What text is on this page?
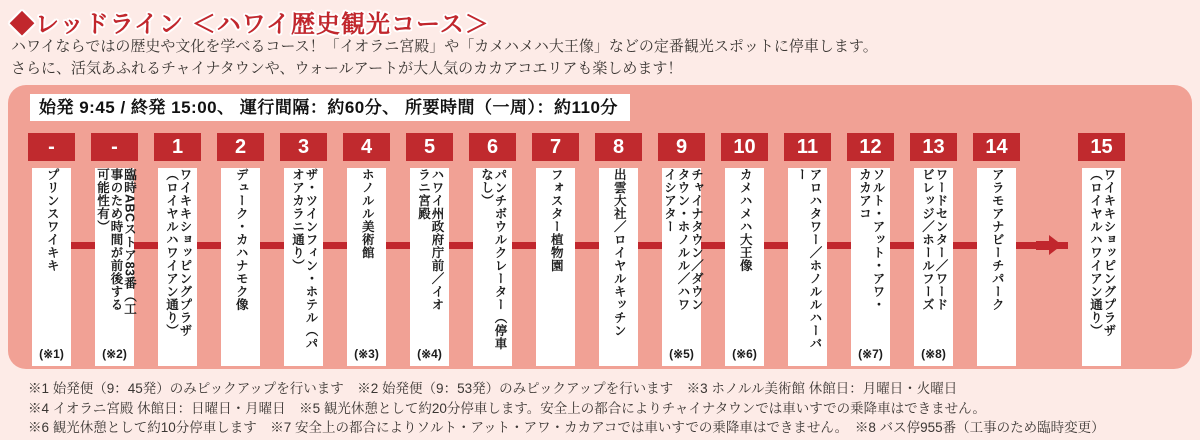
◆レッドライン ＜ハワイ歴史観光コース＞
ハワイならではの歴史や文化を学べるコース！「イオラニ宮殿」や「カメハメハ大王像」などの定番観光スポットに停車します。
さらに、活気あふれるチャイナタウンや、ウォールアートが大人気のカカアコエリアも楽しめます！
始発 9:45 / 終発 15:00、 運行間隔：約60分、 所要時間（一周）：約110分
-
プリンスワイキキ
(※1)
-
臨時ABCストア83番（工事のため時間が前後する可能性有）
(※2)
1
ワイキキショッピングプラザ（ロイヤルハワイアン通り）
2
デューク・カハナモク像
3
ザ・ツインフィン・ホテル（パオアカラニ通り）
4
ホノルル美術館
(※3)
5
ハワイ州政府庁前／イオラニ宮殿
(※4)
6
パンチボウルクレーター（停車なし）
7
フォスター植物園
8
出雲大社／ロイヤルキッチン
9
チャイナタウン／ダウンタウン・ホノルル／ハワイシアター
(※5)
10
カメハメハ大王像
(※6)
11
アロハタワー／ホノルルハーバー
12
ソルト・アット・アワ・カカアコ
(※7)
13
ワードセンター／ワードビレッジ／ホールフーズ
(※8)
14
アラモアナビーチパーク
15
ワイキキショッピングプラザ（ロイヤルハワイアン通り）
※1 始発便（9：45発）のみピックアップを行います　※2 始発便（9：53発）のみピックアップを行います　※3 ホノルル美術館 休館日：月曜日・火曜日
※4 イオラニ宮殿 休館日：日曜日・月曜日　※5 観光休憩として約20分停車します。安全上の都合によりチャイナタウンでは車いすでの乗降車はできません。
※6 観光休憩として約10分停車します　※7 安全上の都合によりソルト・アット・アワ・カカアコでは車いすでの乗降車はできません。　※8 バス停955番（工事のため臨時変更）
